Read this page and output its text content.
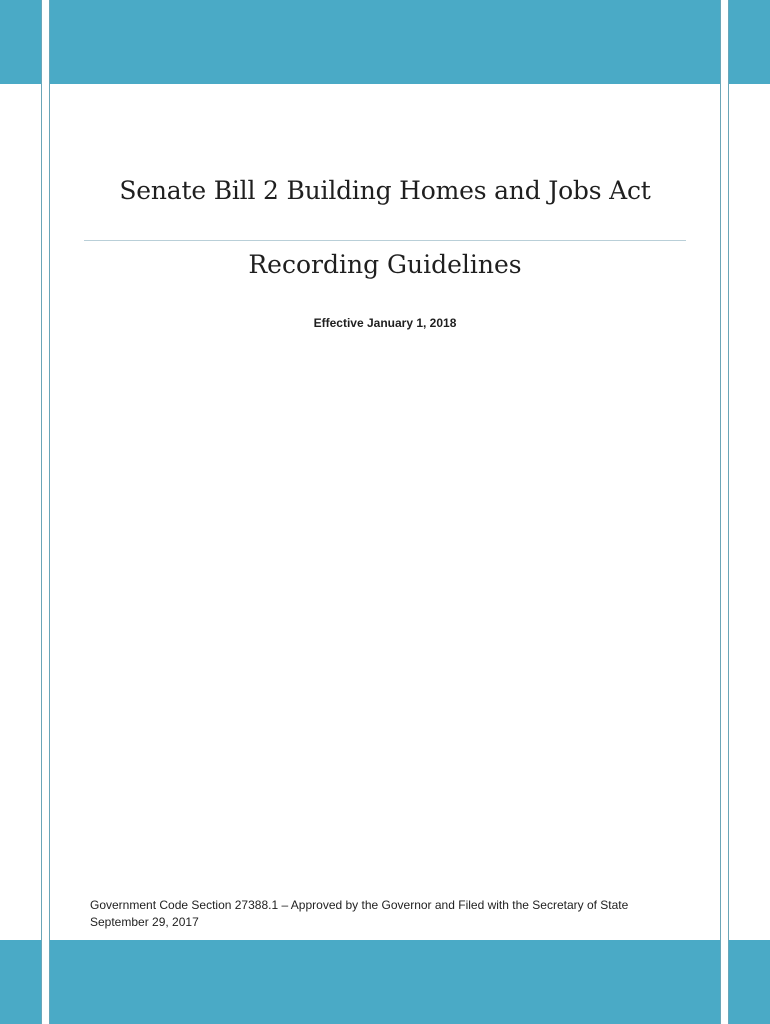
Senate Bill 2 Building Homes and Jobs Act
Recording Guidelines
Effective January 1, 2018
Government Code Section 27388.1 – Approved by the Governor and Filed with the Secretary of State
September 29, 2017
